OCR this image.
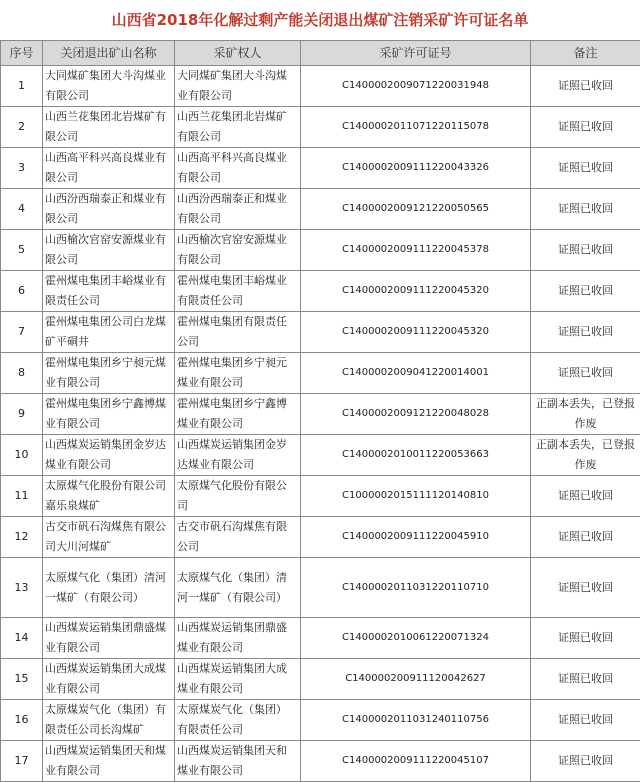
山西省2018年化解过剩产能关闭退出煤矿注销采矿许可证名单
序号	关闭退出矿山名称	采矿权人	采矿许可证号	备注
1	大同煤矿集团大斗沟煤业有限公司	大同煤矿集团大斗沟煤业有限公司	C1400002009071220031948	证照已收回
2	山西兰花集团北岩煤矿有限公司	山西兰花集团北岩煤矿有限公司	C1400002011071220115078	证照已收回
3	山西高平科兴高良煤业有限公司	山西高平科兴高良煤业有限公司	C1400002009111220043326	证照已收回
4	山西汾西瑞泰正和煤业有限公司	山西汾西瑞泰正和煤业有限公司	C1400002009121220050565	证照已收回
5	山西榆次官窑安源煤业有限公司	山西榆次官窑安源煤业有限公司	C1400002009111220045378	证照已收回
6	霍州煤电集团丰峪煤业有限责任公司	霍州煤电集团丰峪煤业有限责任公司	C1400002009111220045320	证照已收回
7	霍州煤电集团公司白龙煤矿平硐井	霍州煤电集团有限责任公司	C1400002009111220045320	证照已收回
8	霍州煤电集团乡宁昶元煤业有限公司	霍州煤电集团乡宁昶元煤业有限公司	C1400002009041220014001	证照已收回
9	霍州煤电集团乡宁鑫博煤业有限公司	霍州煤电集团乡宁鑫博煤业有限公司	C1400002009121220048028	正副本丢失，已登报作废
10	山西煤炭运销集团金岁达煤业有限公司	山西煤炭运销集团金岁达煤业有限公司	C1400002010011220053663	正副本丢失，已登报作废
11	太原煤气化股份有限公司嘉乐泉煤矿	太原煤气化股份有限公司	C1000002015111120140810	证照已收回
12	古交市矾石沟煤焦有限公司大川河煤矿	古交市矾石沟煤焦有限公司	C1400002009111220045910	证照已收回
13	太原煤气化（集团）清河一煤矿（有限公司）	太原煤气化（集团）清河一煤矿（有限公司）	C1400002011031220110710	证照已收回
14	山西煤炭运销集团鼎盛煤业有限公司	山西煤炭运销集团鼎盛煤业有限公司	C1400002010061220071324	证照已收回
15	山西煤炭运销集团大成煤业有限公司	山西煤炭运销集团大成煤业有限公司	C140000200911120042627	证照已收回
16	太原煤炭气化（集团）有限责任公司长沟煤矿	太原煤炭气化（集团）有限责任公司	C1400002011031240110756	证照已收回
17	山西煤炭运销集团天和煤业有限公司	山西煤炭运销集团天和煤业有限公司	C1400002009111220045107	证照已收回
